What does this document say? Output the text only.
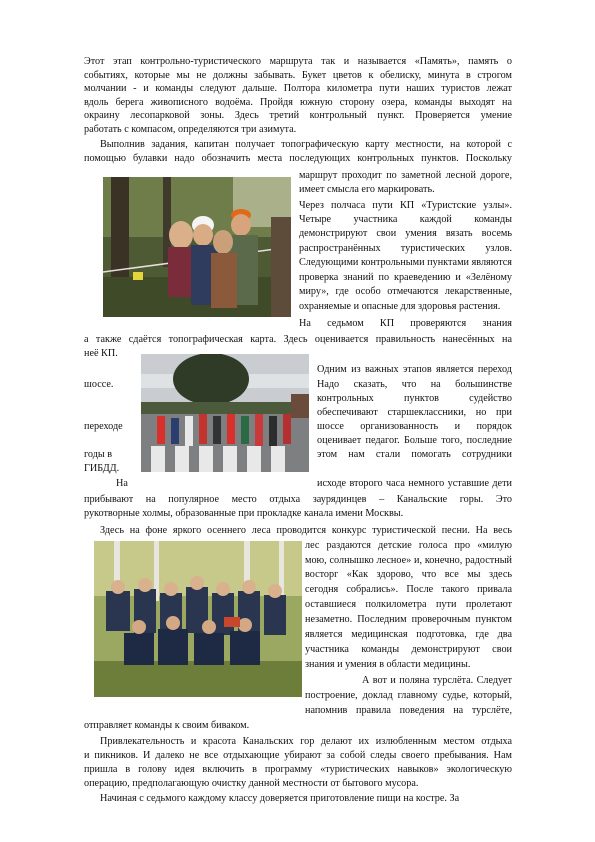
Этот этап контрольно-туристического маршрута так и называется «Память», память о
событиях, которые мы не должны забывать. Букет цветов к обелиску, минута в строгом
молчании - и команды следуют дальше. Полтора километра пути наших туристов лежат
вдоль берега живописного водоёма. Пройдя южную сторону озера, команды выходят на
окраину лесопарковой зоны. Здесь третий контрольный пункт. Проверяется умение
работать с компасом, определяются три азимута.
Выполнив задания, капитан получает топографическую карту местности, на которой с
помощью булавки надо обозначить места последующих контрольных пунктов. Поскольку
маршрут проходит по заметной лесной дороге,
имеет смысла его маркировать.
Через полчаса пути КП «Туристские узлы».
Четыре участника каждой команды
демонстрируют свои умения вязать восемь
распространённых туристических узлов.
Следующими контрольными пунктами являются
проверка знаний по краеведению и «Зелёному
миру», где особо отмечаются лекарственные,
охраняемые и опасные для здоровья растения.
На седьмом КП проверяются знания
а также сдаётся топографическая карта. Здесь оценивается правильность нанесённых на
неё КП.
Одним из важных этапов является переход
шоссе.	Надо сказать, что на большинстве
контрольных пунктов судейство
обеспечивают старшеклассники, но при
переходе	шоссе организованность и порядок
оценивает педагог. Больше того, последние
годы в	этом нам стали помогать сотрудники
ГИБДД.
На	исходе второго часа немного уставшие дети
прибывают на популярное место отдыха заурядинцев – Канальские горы. Это
рукотворные холмы, образованные при прокладке канала имени Москвы.
Здесь на фоне яркого осеннего леса проводится конкурс туристической песни. На весь
лес раздаются детские голоса про «милую
мою, солнышко лесное» и, конечно, радостный
восторг «Как здорово, что все мы здесь
сегодня собрались». После такого привала
оставшиеся полкилометра пути пролетают
незаметно. Последним проверочным пунктом
является медицинская подготовка, где два
участника команды демонстрируют свои
знания и умения в области медицины.
А вот и поляна турслёта. Следует
построение, доклад главному судье, который,
напомнив правила поведения на турслёте,
отправляет команды к своим биваком.
Привлекательность и красота Канальских гор делают их излюбленным местом отдыха
и пикников. И далеко не все отдыхающие убирают за собой следы своего пребывания. Нам
пришла в голову идея включить в программу «туристических навыков» экологическую
операцию, предполагающую очистку данной местности от бытового мусора.
Начиная с седьмого каждому классу доверяется приготовление пищи на костре. За
